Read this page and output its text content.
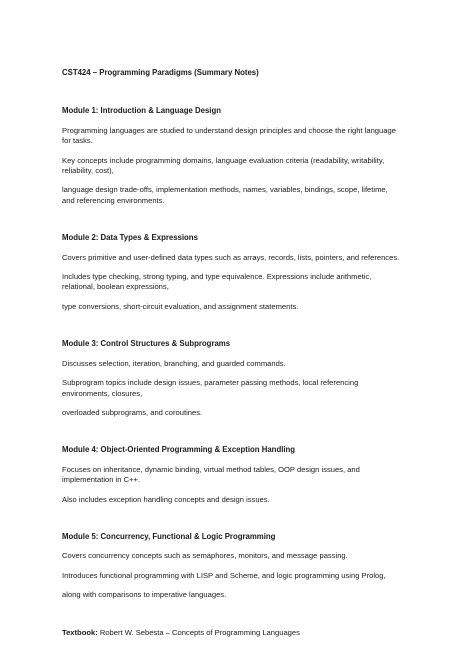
CST424 – Programming Paradigms (Summary Notes)
Module 1: Introduction & Language Design
Programming languages are studied to understand design principles and choose the right language for tasks.
Key concepts include programming domains, language evaluation criteria (readability, writability, reliability, cost),
language design trade-offs, implementation methods, names, variables, bindings, scope, lifetime, and referencing environments.
Module 2: Data Types & Expressions
Covers primitive and user-defined data types such as arrays, records, lists, pointers, and references.
Includes type checking, strong typing, and type equivalence. Expressions include arithmetic, relational, boolean expressions,
type conversions, short-circuit evaluation, and assignment statements.
Module 3: Control Structures & Subprograms
Discusses selection, iteration, branching, and guarded commands.
Subprogram topics include design issues, parameter passing methods, local referencing environments, closures,
overloaded subprograms, and coroutines.
Module 4: Object-Oriented Programming & Exception Handling
Focuses on inheritance, dynamic binding, virtual method tables, OOP design issues, and implementation in C++.
Also includes exception handling concepts and design issues.
Module 5: Concurrency, Functional & Logic Programming
Covers concurrency concepts such as semaphores, monitors, and message passing.
Introduces functional programming with LISP and Scheme, and logic programming using Prolog,
along with comparisons to imperative languages.
Textbook: Robert W. Sebesta – Concepts of Programming Languages
